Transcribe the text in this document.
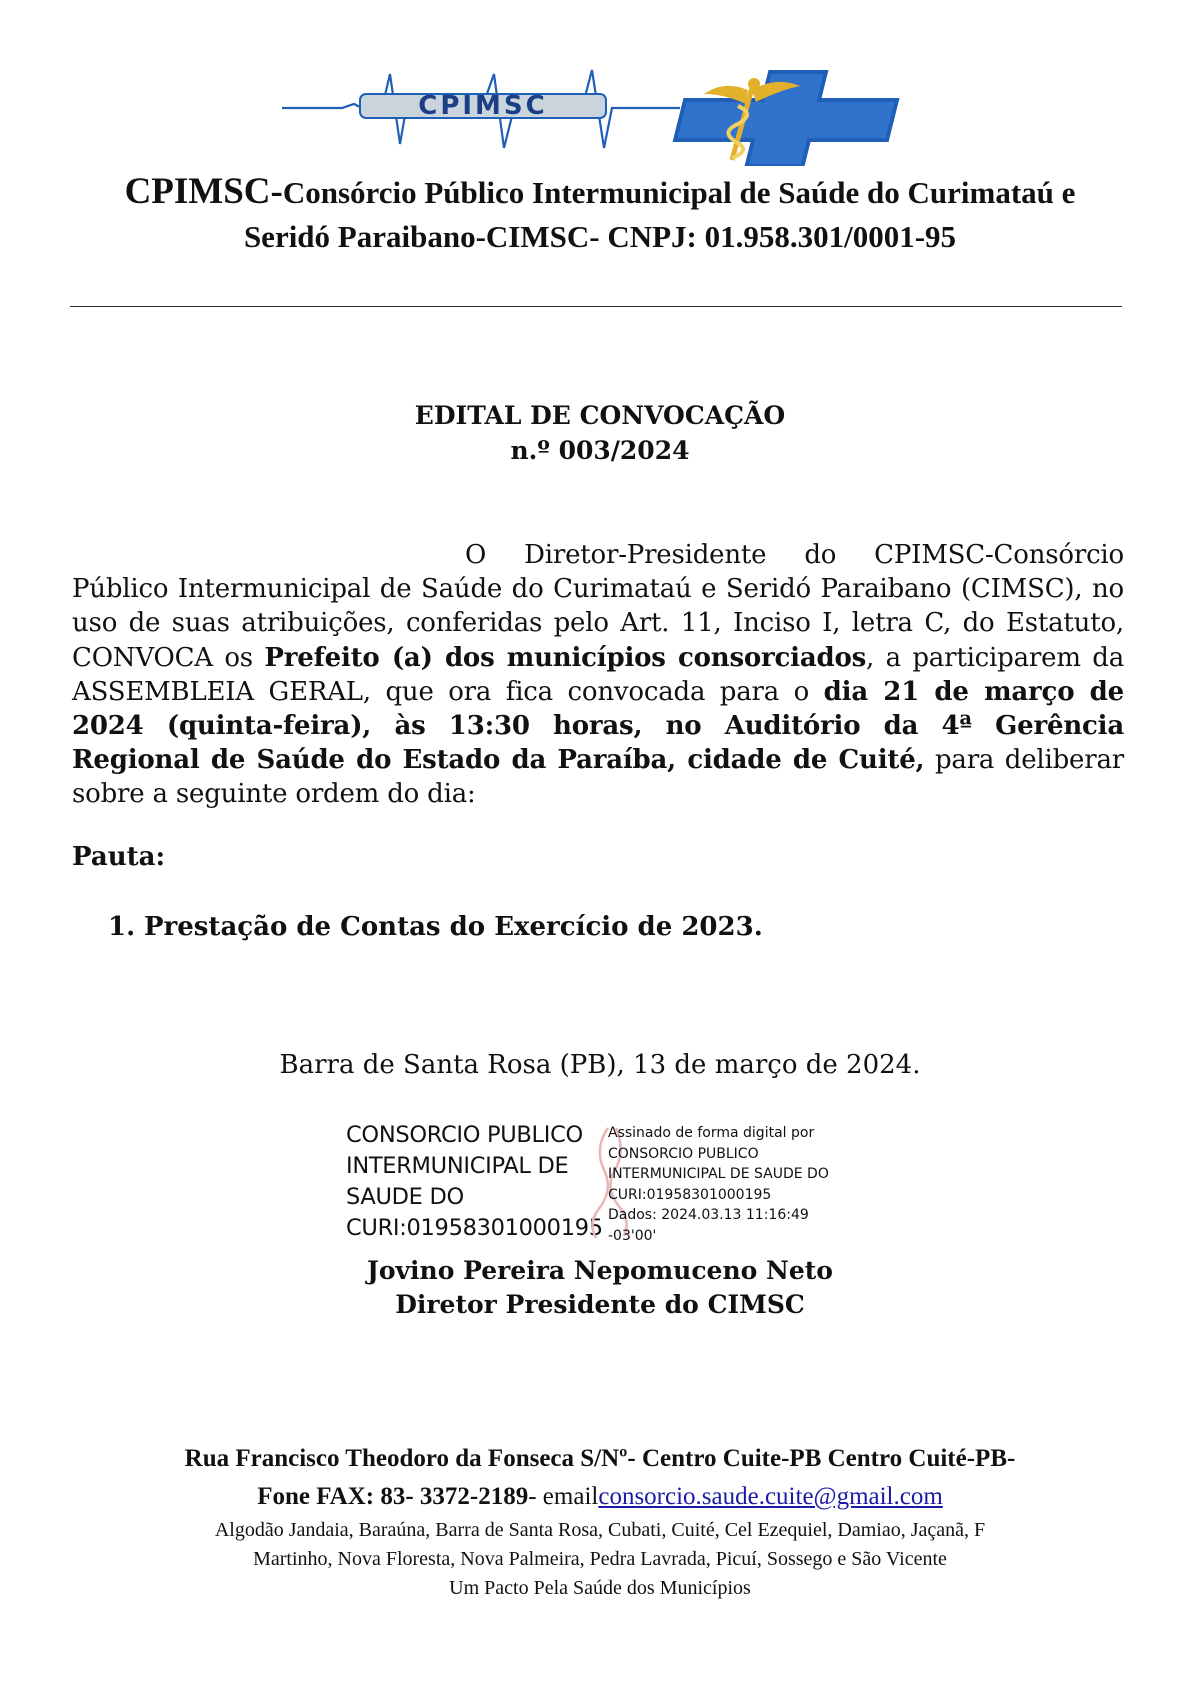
CPIMSC
CPIMSC-Consórcio Público Intermunicipal de Saúde do Curimataú e
Seridó Paraibano-CIMSC- CNPJ: 01.958.301/0001-95
EDITAL DE CONVOCAÇÃO
n.º 003/2024
O Diretor-Presidente do CPIMSC-Consórcio Público Intermunicipal de Saúde do Curimataú e Seridó Paraibano (CIMSC), no uso de suas atribuições, conferidas pelo Art. 11, Inciso I, letra C, do Estatuto, CONVOCA os Prefeito (a) dos municípios consorciados, a participarem da ASSEMBLEIA GERAL, que ora fica convocada para o dia 21 de março de 2024 (quinta-feira), às 13:30 horas, no Auditório da 4ª Gerência Regional de Saúde do Estado da Paraíba, cidade de Cuité, para deliberar sobre a seguinte ordem do dia:
Pauta:
1. Prestação de Contas do Exercício de 2023.
Barra de Santa Rosa (PB), 13 de março de 2024.
CONSORCIO PUBLICO
INTERMUNICIPAL DE
SAUDE DO
CURI:01958301000195
Assinado de forma digital por
CONSORCIO PUBLICO
INTERMUNICIPAL DE SAUDE DO
CURI:01958301000195
Dados: 2024.03.13 11:16:49
-03'00'
Jovino Pereira Nepomuceno Neto
Diretor Presidente do CIMSC
Rua Francisco Theodoro da Fonseca S/Nº- Centro Cuite-PB Centro Cuité-PB-
Fone FAX: 83- 3372-2189- emailconsorcio.saude.cuite@gmail.com
Algodão Jandaia, Baraúna, Barra de Santa Rosa, Cubati, Cuité, Cel Ezequiel, Damiao, Jaçanã, F
Martinho, Nova Floresta, Nova Palmeira, Pedra Lavrada, Picuí, Sossego e São Vicente
Um Pacto Pela Saúde dos Municípios
